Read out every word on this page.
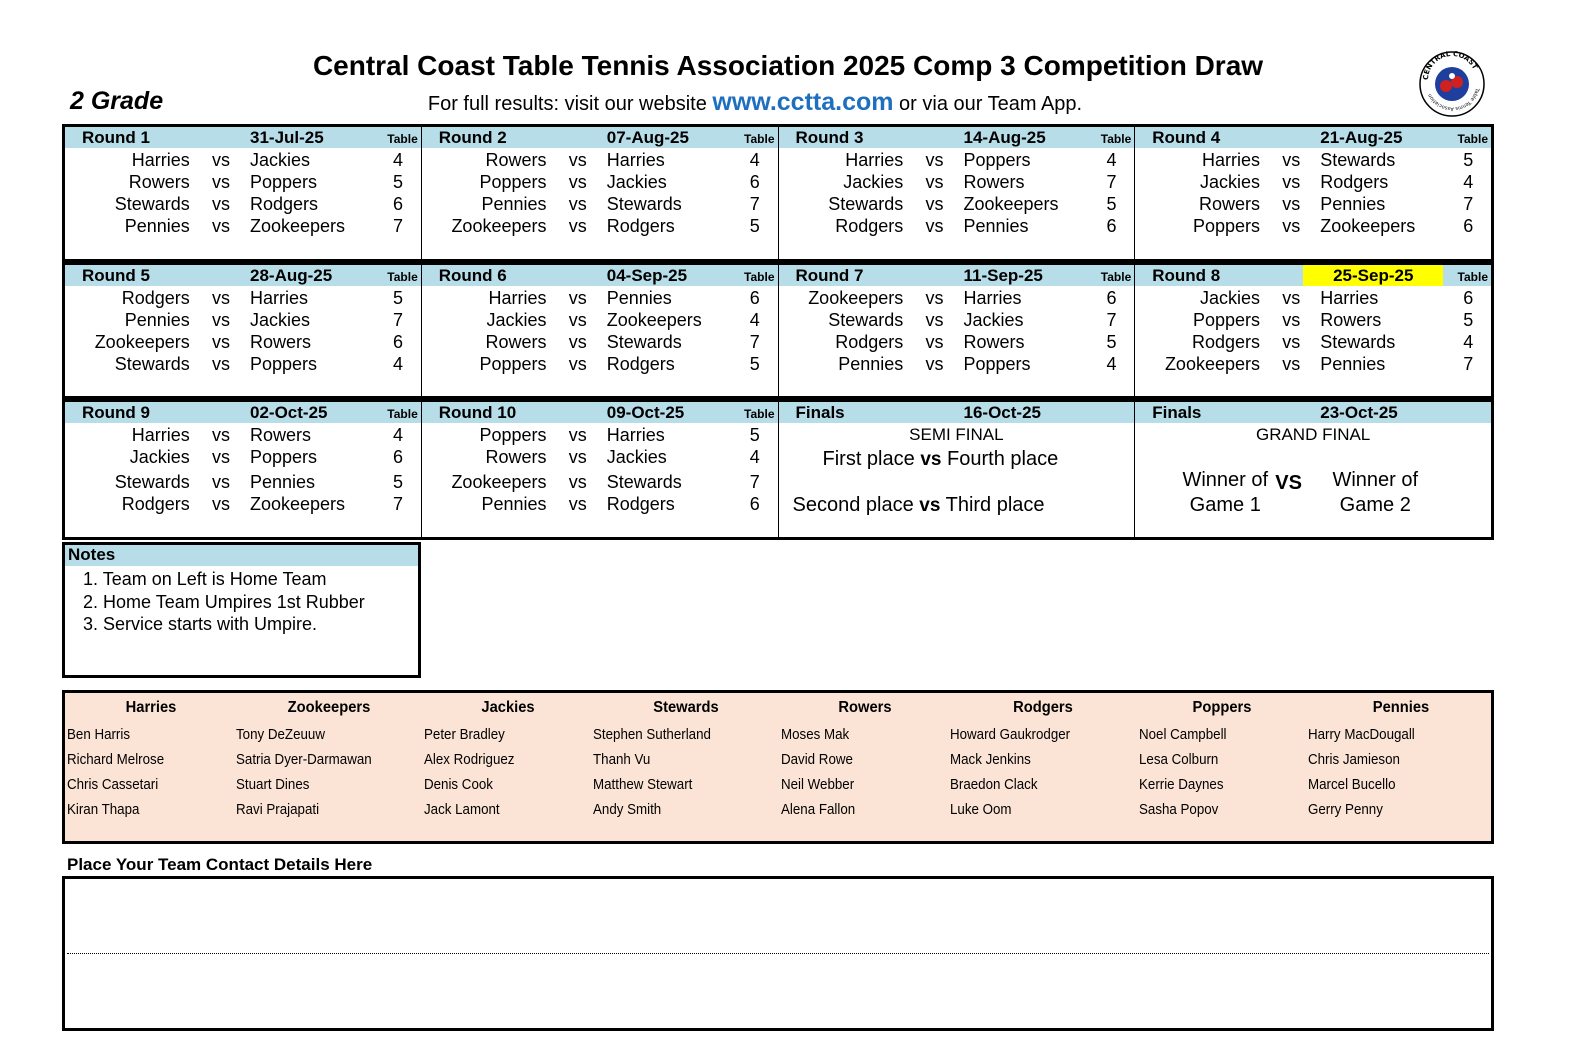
Central Coast Table Tennis Association 2025 Comp 3 Competition Draw
2 Grade	For full results: visit our website www.cctta.com or via our Team App.
CENTRAL COAST
Table Tennis Association
Round 1	31-Jul-25	Table
Harries vs Jackies	4
Rowers vs Poppers	5
Stewards vs Rodgers	6
Pennies vs Zookeepers	7
Round 2	07-Aug-25	Table
Rowers vs Harries	4
Poppers vs Jackies	6
Pennies vs Stewards	7
Zookeepers vs Rodgers	5
Round 3	14-Aug-25	Table
Harries vs Poppers	4
Jackies vs Rowers	7
Stewards vs Zookeepers	5
Rodgers vs Pennies	6
Round 4	21-Aug-25	Table
Harries vs Stewards	5
Jackies vs Rodgers	4
Rowers vs Pennies	7
Poppers vs Zookeepers	6
Round 5	28-Aug-25	Table
Rodgers vs Harries	5
Pennies vs Jackies	7
Zookeepers vs Rowers	6
Stewards vs Poppers	4
Round 6	04-Sep-25	Table
Harries vs Pennies	6
Jackies vs Zookeepers	4
Rowers vs Stewards	7
Poppers vs Rodgers	5
Round 7	11-Sep-25	Table
Zookeepers vs Harries	6
Stewards vs Jackies	7
Rodgers vs Rowers	5
Pennies vs Poppers	4
Round 8	25-Sep-25	Table
Jackies vs Harries	6
Poppers vs Rowers	5
Rodgers vs Stewards	4
Zookeepers vs Pennies	7
Round 9	02-Oct-25	Table
Harries vs Rowers	4
Jackies vs Poppers	6
Stewards vs Pennies	5
Rodgers vs Zookeepers	7
Round 10	09-Oct-25	Table
Poppers vs Harries	5
Rowers vs Jackies	4
Zookeepers vs Stewards	7
Pennies vs Rodgers	6
Finals	16-Oct-25
SEMI FINAL
First place vs Fourth place
Second place vs Third place
Finals	23-Oct-25
GRAND FINAL
Winner of
Game 1
VS	Winner of
Game 2
Notes
1. Team on Left is Home Team
2. Home Team Umpires 1st Rubber
3. Service starts with Umpire.
Harries
Ben Harris
Richard Melrose
Chris Cassetari
Kiran Thapa
Zookeepers
Tony DeZeuuw
Satria Dyer-Darmawan
Stuart Dines
Ravi Prajapati
Jackies
Peter Bradley
Alex Rodriguez
Denis Cook
Jack Lamont
Stewards
Stephen Sutherland
Thanh Vu
Matthew Stewart
Andy Smith
Rowers
Moses Mak
David Rowe
Neil Webber
Alena Fallon
Rodgers
Howard Gaukrodger
Mack Jenkins
Braedon Clack
Luke Oom
Poppers
Noel Campbell
Lesa Colburn
Kerrie Daynes
Sasha Popov
Pennies
Harry MacDougall
Chris Jamieson
Marcel Bucello
Gerry Penny
Place Your Team Contact Details Here
